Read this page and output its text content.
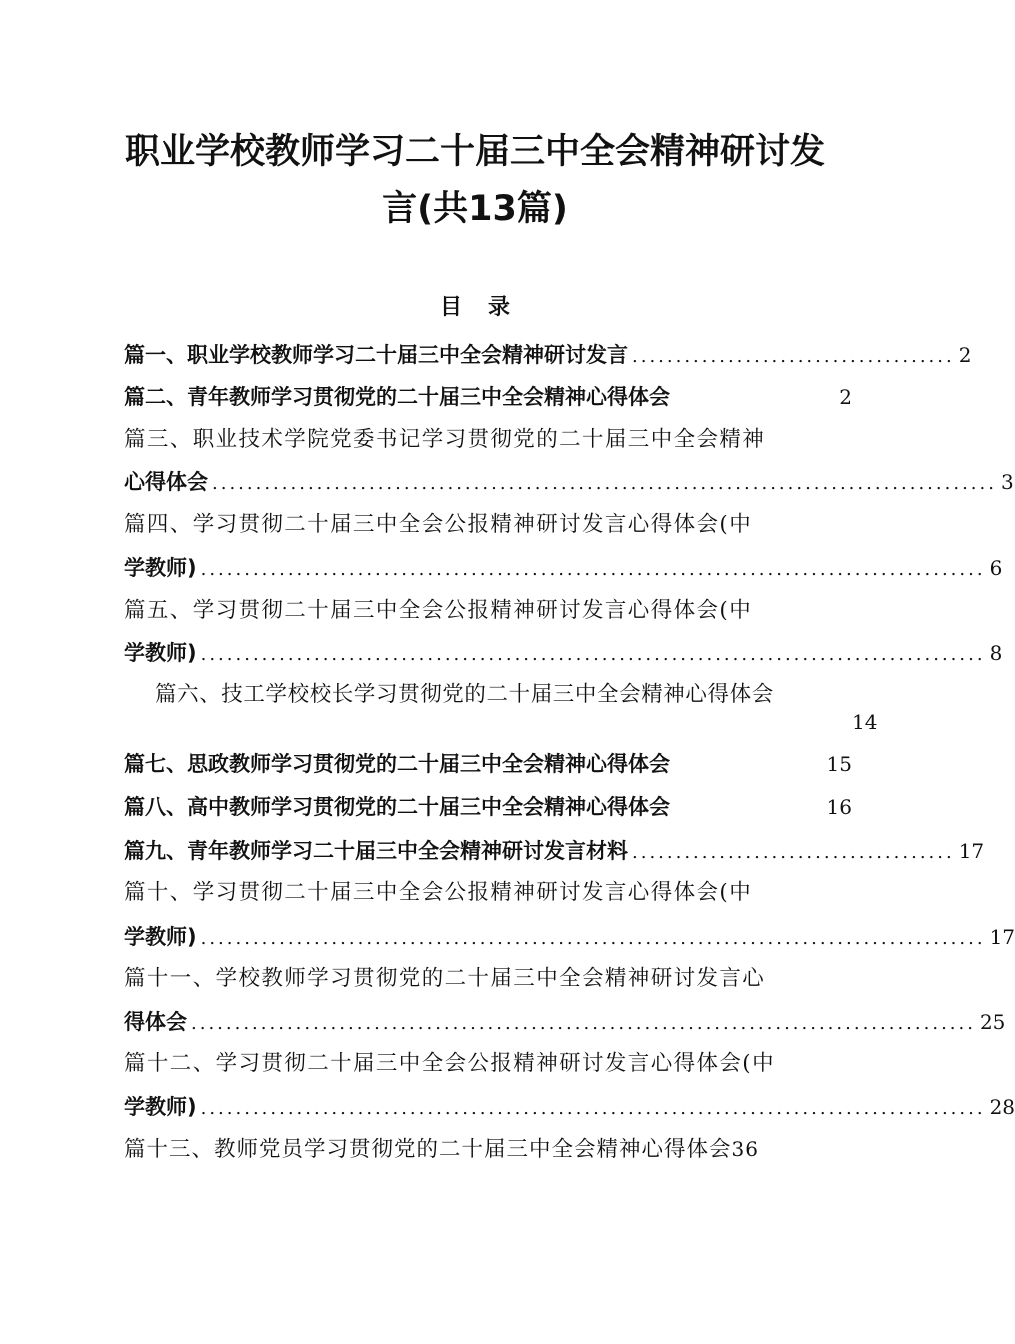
职业学校教师学习二十届三中全会精神研讨发
言(共13篇)
目录
篇一、职业学校教师学习二十届三中全会精神研讨发言 ..................................... 2
篇二、青年教师学习贯彻党的二十届三中全会精神心得体会	2
篇三、职业技术学院党委书记学习贯彻党的二十届三中全会精神
心得体会 .......................................................................................... 3
篇四、学习贯彻二十届三中全会公报精神研讨发言心得体会(中
学教师) .......................................................................................... 6
篇五、学习贯彻二十届三中全会公报精神研讨发言心得体会(中
学教师) .......................................................................................... 8
篇六、技工学校校长学习贯彻党的二十届三中全会精神心得体会
14
篇七、思政教师学习贯彻党的二十届三中全会精神心得体会	15
篇八、高中教师学习贯彻党的二十届三中全会精神心得体会	16
篇九、青年教师学习二十届三中全会精神研讨发言材料 ..................................... 17
篇十、学习贯彻二十届三中全会公报精神研讨发言心得体会(中
学教师) .......................................................................................... 17
篇十一、学校教师学习贯彻党的二十届三中全会精神研讨发言心
得体会 .......................................................................................... 25
篇十二、学习贯彻二十届三中全会公报精神研讨发言心得体会(中
学教师) .......................................................................................... 28
篇十三、教师党员学习贯彻党的二十届三中全会精神心得体会 36
